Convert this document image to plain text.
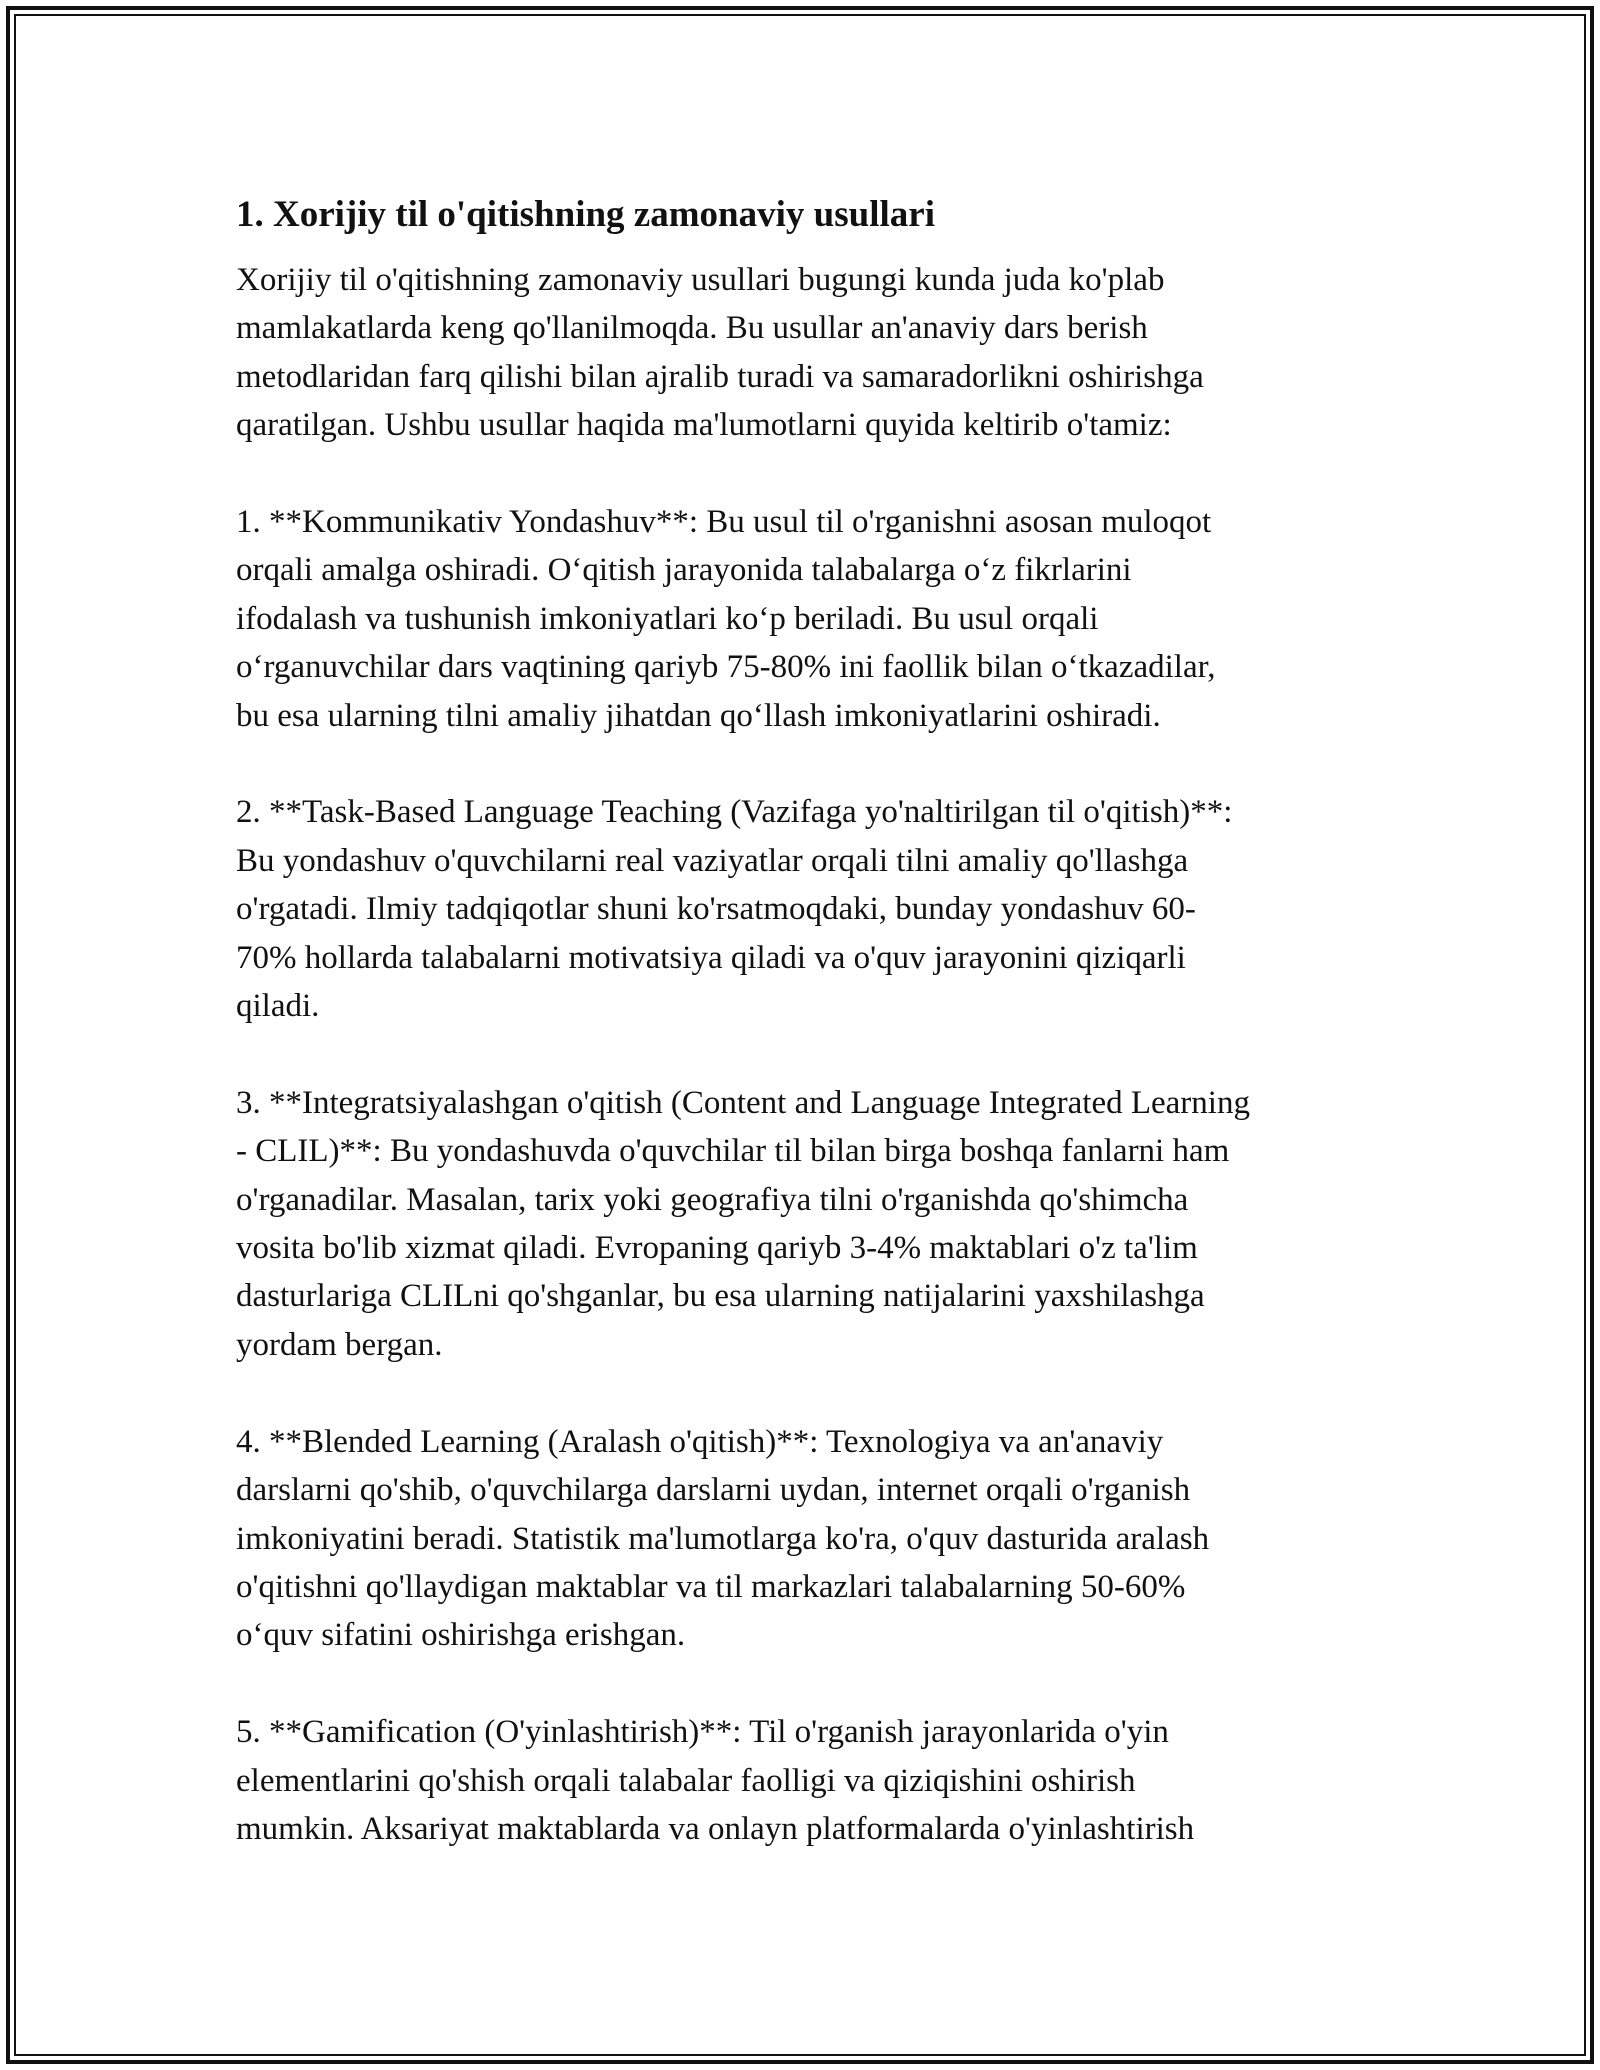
1. Xorijiy til o'qitishning zamonaviy usullari

Xorijiy til o'qitishning zamonaviy usullari bugungi kunda juda ko'plab
mamlakatlarda keng qo'llanilmoqda. Bu usullar an'anaviy dars berish
metodlaridan farq qilishi bilan ajralib turadi va samaradorlikni oshirishga
qaratilgan. Ushbu usullar haqida ma'lumotlarni quyida keltirib o'tamiz:

1. **Kommunikativ Yondashuv**: Bu usul til o'rganishni asosan muloqot
orqali amalga oshiradi. O‘qitish jarayonida talabalarga o‘z fikrlarini
ifodalash va tushunish imkoniyatlari ko‘p beriladi. Bu usul orqali
o‘rganuvchilar dars vaqtining qariyb 75-80% ini faollik bilan o‘tkazadilar,
bu esa ularning tilni amaliy jihatdan qo‘llash imkoniyatlarini oshiradi.

2. **Task-Based Language Teaching (Vazifaga yo'naltirilgan til o'qitish)**:
Bu yondashuv o'quvchilarni real vaziyatlar orqali tilni amaliy qo'llashga
o'rgatadi. Ilmiy tadqiqotlar shuni ko'rsatmoqdaki, bunday yondashuv 60-
70% hollarda talabalarni motivatsiya qiladi va o'quv jarayonini qiziqarli
qiladi.

3. **Integratsiyalashgan o'qitish (Content and Language Integrated Learning
- CLIL)**: Bu yondashuvda o'quvchilar til bilan birga boshqa fanlarni ham
o'rganadilar. Masalan, tarix yoki geografiya tilni o'rganishda qo'shimcha
vosita bo'lib xizmat qiladi. Evropaning qariyb 3-4% maktablari o'z ta'lim
dasturlariga CLILni qo'shganlar, bu esa ularning natijalarini yaxshilashga
yordam bergan.

4. **Blended Learning (Aralash o'qitish)**: Texnologiya va an'anaviy
darslarni qo'shib, o'quvchilarga darslarni uydan, internet orqali o'rganish
imkoniyatini beradi. Statistik ma'lumotlarga ko'ra, o'quv dasturida aralash
o'qitishni qo'llaydigan maktablar va til markazlari talabalarning 50-60%
o‘quv sifatini oshirishga erishgan.

5. **Gamification (O'yinlashtirish)**: Til o'rganish jarayonlarida o'yin
elementlarini qo'shish orqali talabalar faolligi va qiziqishini oshirish
mumkin. Aksariyat maktablarda va onlayn platformalarda o'yinlashtirish
